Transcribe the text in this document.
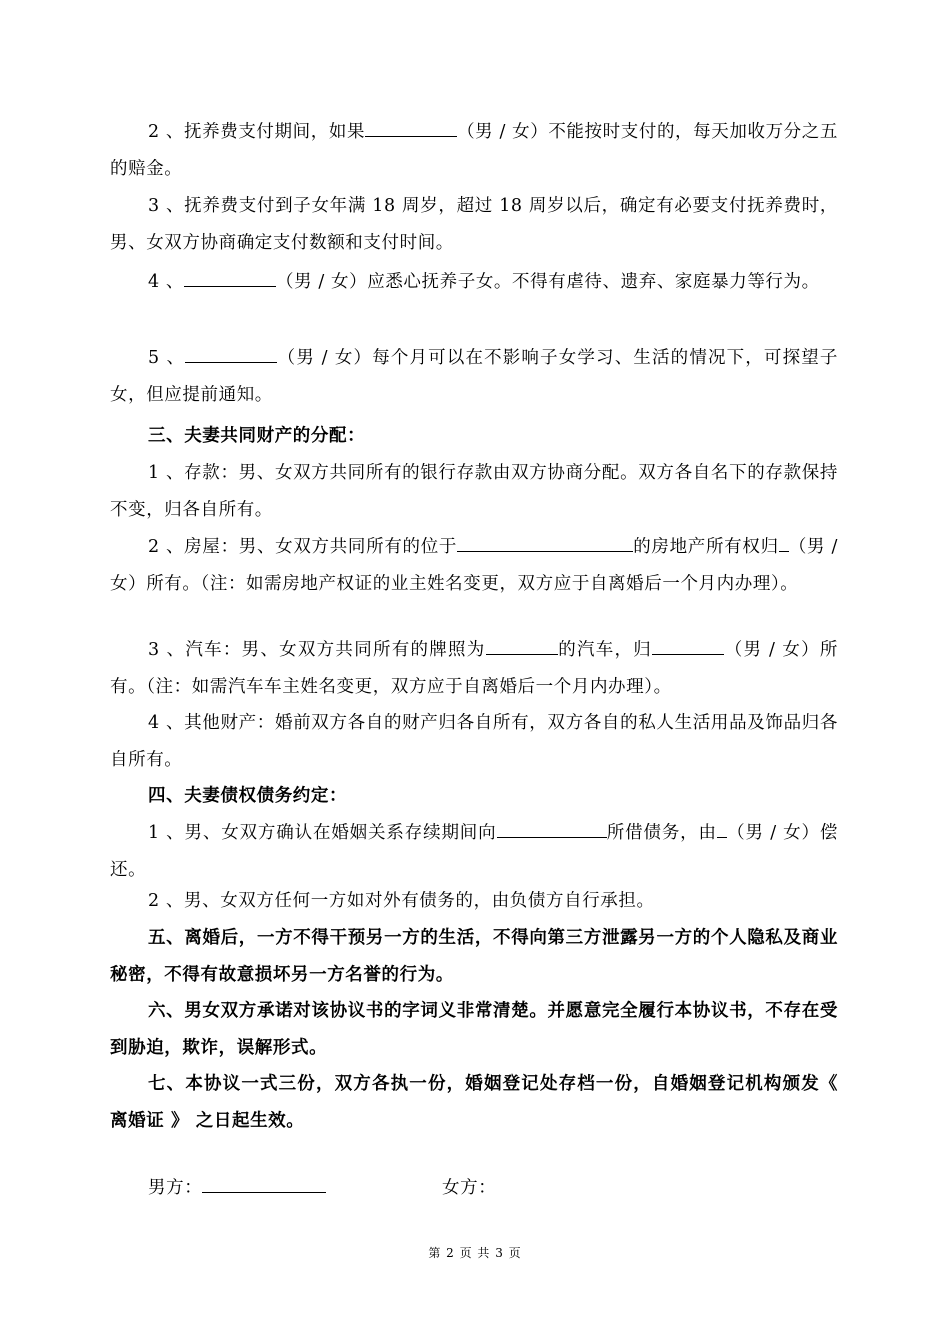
2 、抚养费支付期间，如果	（男 / 女）不能按时支付的，每天加收万分之五的赔金。

3 、抚养费支付到子女年满 18 周岁，超过 18 周岁以后，确定有必要支付抚养费时，男、女双方协商确定支付数额和支付时间。

4 、	（男 / 女）应悉心抚养子女。不得有虐待、遗弃、家庭暴力等行为。

5 、	（男 / 女）每个月可以在不影响子女学习、生活的情况下，可探望子女，但应提前通知。

三、夫妻共同财产的分配：

1 、存款：男、女双方共同所有的银行存款由双方协商分配。双方各自名下的存款保持不变，归各自所有。

2 、房屋：男、女双方共同所有的位于	的房地产所有权归 （男 / 女）所有。（注：如需房地产权证的业主姓名变更，双方应于自离婚后一个月内办理）。

3 、汽车：男、女双方共同所有的牌照为	的汽车，归	（男 / 女）所有。（注：如需汽车车主姓名变更，双方应于自离婚后一个月内办理）。

4 、其他财产：婚前双方各自的财产归各自所有，双方各自的私人生活用品及饰品归各自所有。

四、夫妻债权债务约定：

1 、男、女双方确认在婚姻关系存续期间向	所借债务，由 （男 / 女）偿还。

2 、男、女双方任何一方如对外有债务的，由负债方自行承担。

五、离婚后，一方不得干预另一方的生活，不得向第三方泄露另一方的个人隐私及商业秘密，不得有故意损坏另一方名誉的行为。

六、男女双方承诺对该协议书的字词义非常清楚。并愿意完全履行本协议书，不存在受到胁迫，欺诈，误解形式。

七、本协议一式三份，双方各执一份，婚姻登记处存档一份，自婚姻登记机构颁发《 离婚证 》 之日起生效。

男方：	女方：
第 2 页 共 3 页
